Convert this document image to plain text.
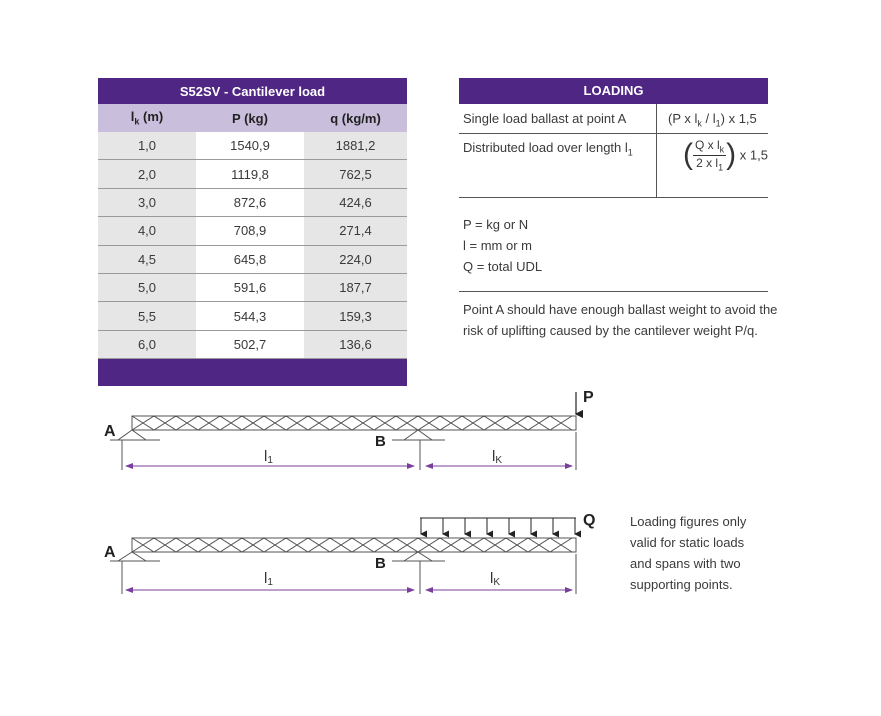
S52SV - Cantilever load		
$l_k$ (m)	P (kg)	q (kg/m)
1,0	1540,9	1881,2
2,0	1119,8	762,5
3,0	872,6	424,6
4,0	708,9	271,4
4,5	645,8	224,0
5,0	591,6	187,7
5,5	544,3	159,3
6,0	502,7	136,6

LOADING
Single load ballast at point A	(P x $l_k / l_1$) x 1,5
Distributed load over length $l_1$ ( $\frac{Q x l_k}{2 x l_1}$ ) x 1,5
P = kg or N
l = mm or m
Q = total UDL
Point A should have enough ballast weight to avoid the
risk of uplifting caused by the cantilever weight P/q.
Loading figures only
valid for static loads
and spans with two
supporting points.
A
B
P
l1	lK
A
B
Q
l1	lK
